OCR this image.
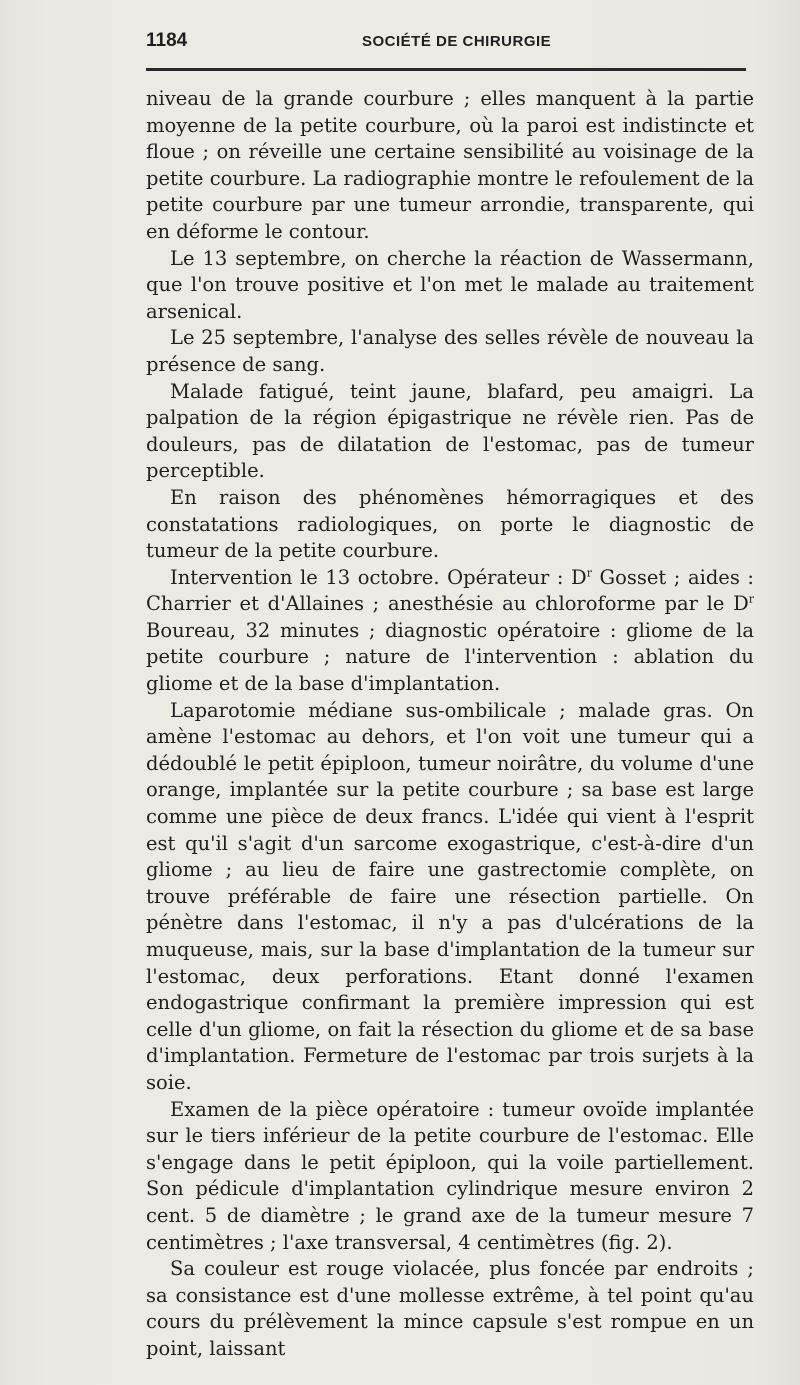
1184	SOCIÉTÉ DE CHIRURGIE

niveau de la grande courbure ; elles manquent à la partie moyenne de la petite courbure, où la paroi est indistincte et floue ; on réveille une certaine sensibilité au voisinage de la petite courbure. La radiographie montre le refoulement de la petite courbure par une tumeur arrondie, transparente, qui en déforme le contour.

Le 13 septembre, on cherche la réaction de Wassermann, que l'on trouve positive et l'on met le malade au traitement arsenical.

Le 25 septembre, l'analyse des selles révèle de nouveau la présence de sang.

Malade fatigué, teint jaune, blafard, peu amaigri. La palpation de la région épigastrique ne révèle rien. Pas de douleurs, pas de dilatation de l'estomac, pas de tumeur perceptible.

En raison des phénomènes hémorragiques et des constatations radiologiques, on porte le diagnostic de tumeur de la petite courbure.

Intervention le 13 octobre. Opérateur : $D^r$ Gosset ; aides : Charrier et d'Allaines ; anesthésie au chloroforme par le $D^r$ Boureau, 32 minutes ; diagnostic opératoire : gliome de la petite courbure ; nature de l'intervention : ablation du gliome et de la base d'implantation.

Laparotomie médiane sus-ombilicale ; malade gras. On amène l'estomac au dehors, et l'on voit une tumeur qui a dédoublé le petit épiploon, tumeur noirâtre, du volume d'une orange, implantée sur la petite courbure ; sa base est large comme une pièce de deux francs. L'idée qui vient à l'esprit est qu'il s'agit d'un sarcome exogastrique, c'est-à-dire d'un gliome ; au lieu de faire une gastrectomie complète, on trouve préférable de faire une résection partielle. On pénètre dans l'estomac, il n'y a pas d'ulcérations de la muqueuse, mais, sur la base d'implantation de la tumeur sur l'estomac, deux perforations. Etant donné l'examen endogastrique confirmant la première impression qui est celle d'un gliome, on fait la résection du gliome et de sa base d'implantation. Fermeture de l'estomac par trois surjets à la soie.

Examen de la pièce opératoire : tumeur ovoïde implantée sur le tiers inférieur de la petite courbure de l'estomac. Elle s'engage dans le petit épiploon, qui la voile partiellement. Son pédicule d'implantation cylindrique mesure environ 2 cent. 5 de diamètre ; le grand axe de la tumeur mesure 7 centimètres ; l'axe transversal, 4 centimètres (fig. 2).

Sa couleur est rouge violacée, plus foncée par endroits ; sa consistance est d'une mollesse extrême, à tel point qu'au cours du prélèvement la mince capsule s'est rompue en un point, laissant
